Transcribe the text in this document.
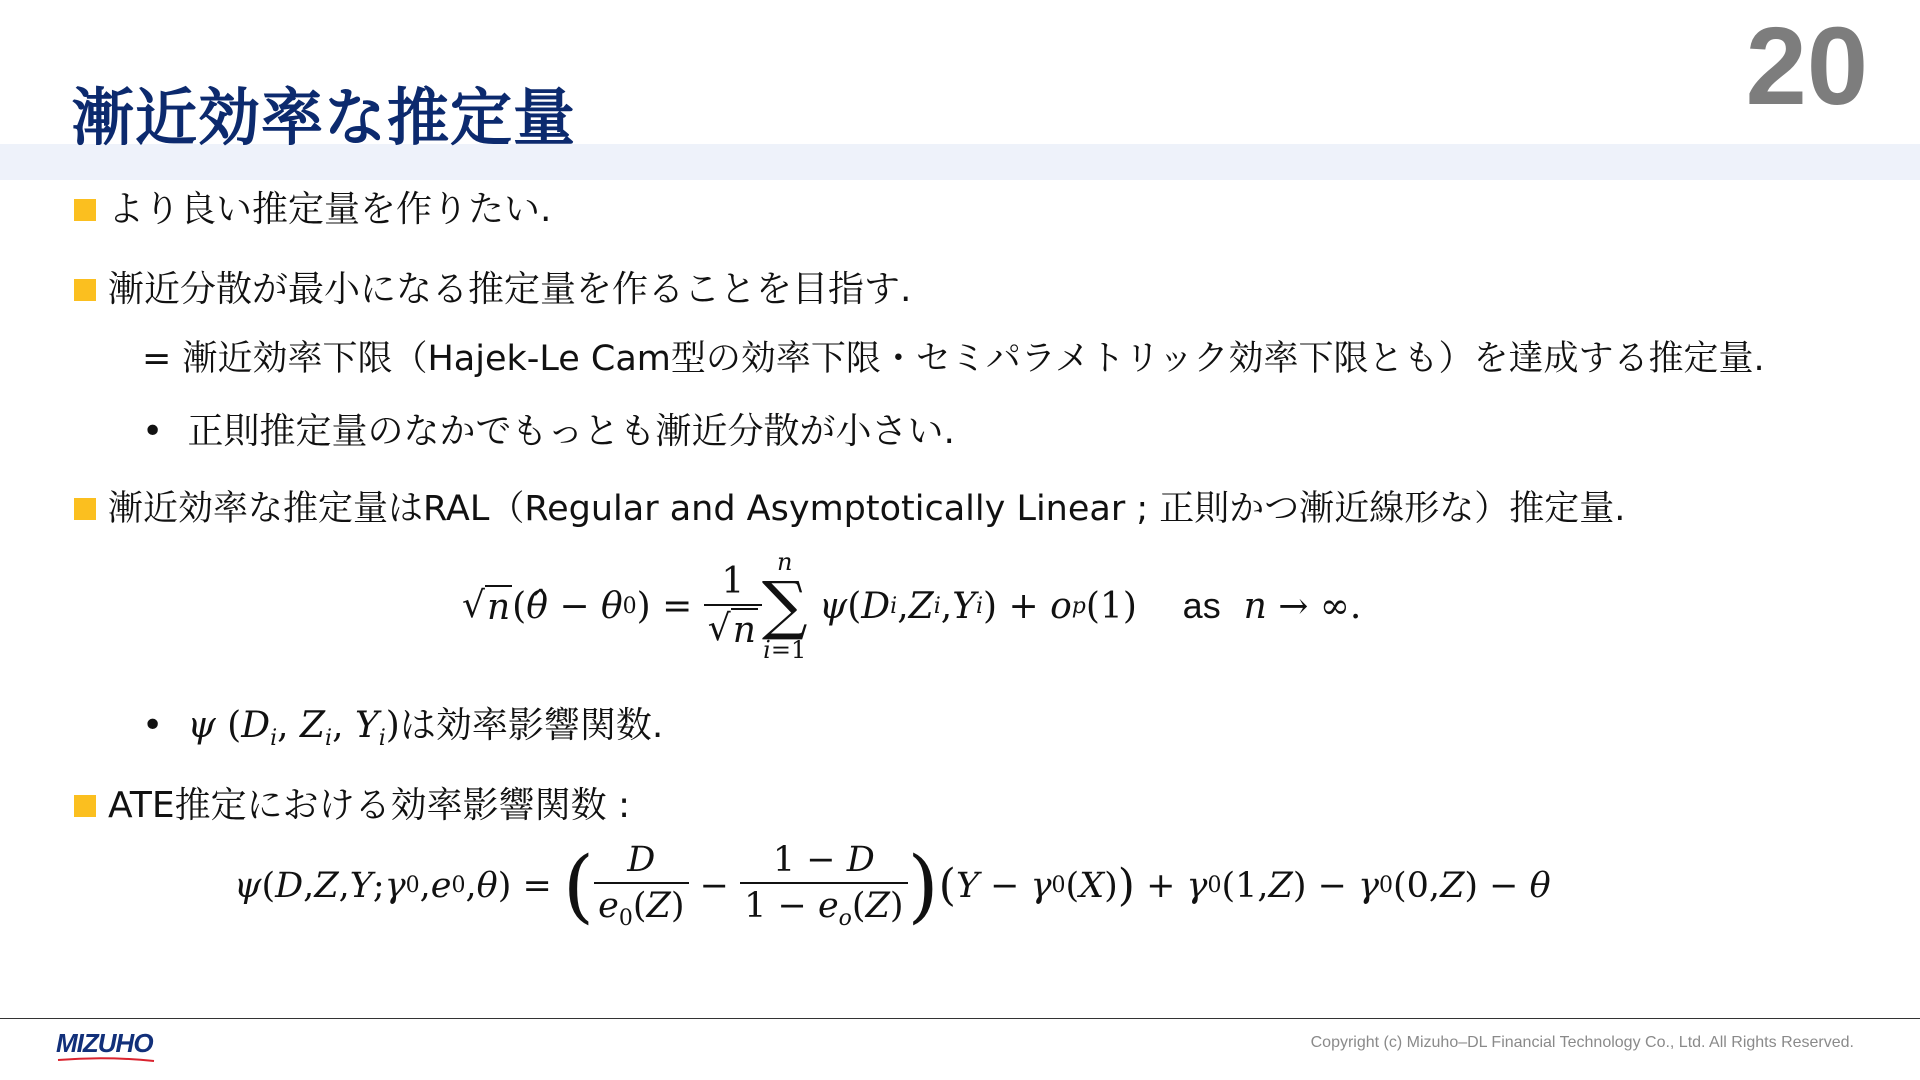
漸近効率な推定量	20
より良い推定量を作りたい.
漸近分散が最小になる推定量を作ることを目指す.
= 漸近効率下限（Hajek-Le Cam型の効率下限・セミパラメトリック効率下限とも）を達成する推定量.
• 正則推定量のなかでもっとも漸近分散が小さい.
漸近効率な推定量はRAL（Regular and Asymptotically Linear ; 正則かつ漸近線形な）推定量.
√ n ( θ̂ − θ 0 ) = $\frac{1}{√ n}$ n
∑
i=1
ψ ( D i , Z i , Y i ) + o p (1)
as
n → ∞.
• ψ ($D_i$, $Z_i$, $Y_i$)は効率影響関数.
ATE推定における効率影響関数 :
ψ ( D , Z , Y ; γ 0 , e 0 , θ ) = ( $\frac{D}{e_0(Z)} - \frac{1 - D}{1 - e_o(Z)}$ ) ( Y − γ 0 ( X ) ) + γ 0 (1, Z ) − γ 0 (0, Z ) − θ
MIZUHO	Copyright (c) Mizuho–DL Financial Technology Co., Ltd. All Rights Reserved.
